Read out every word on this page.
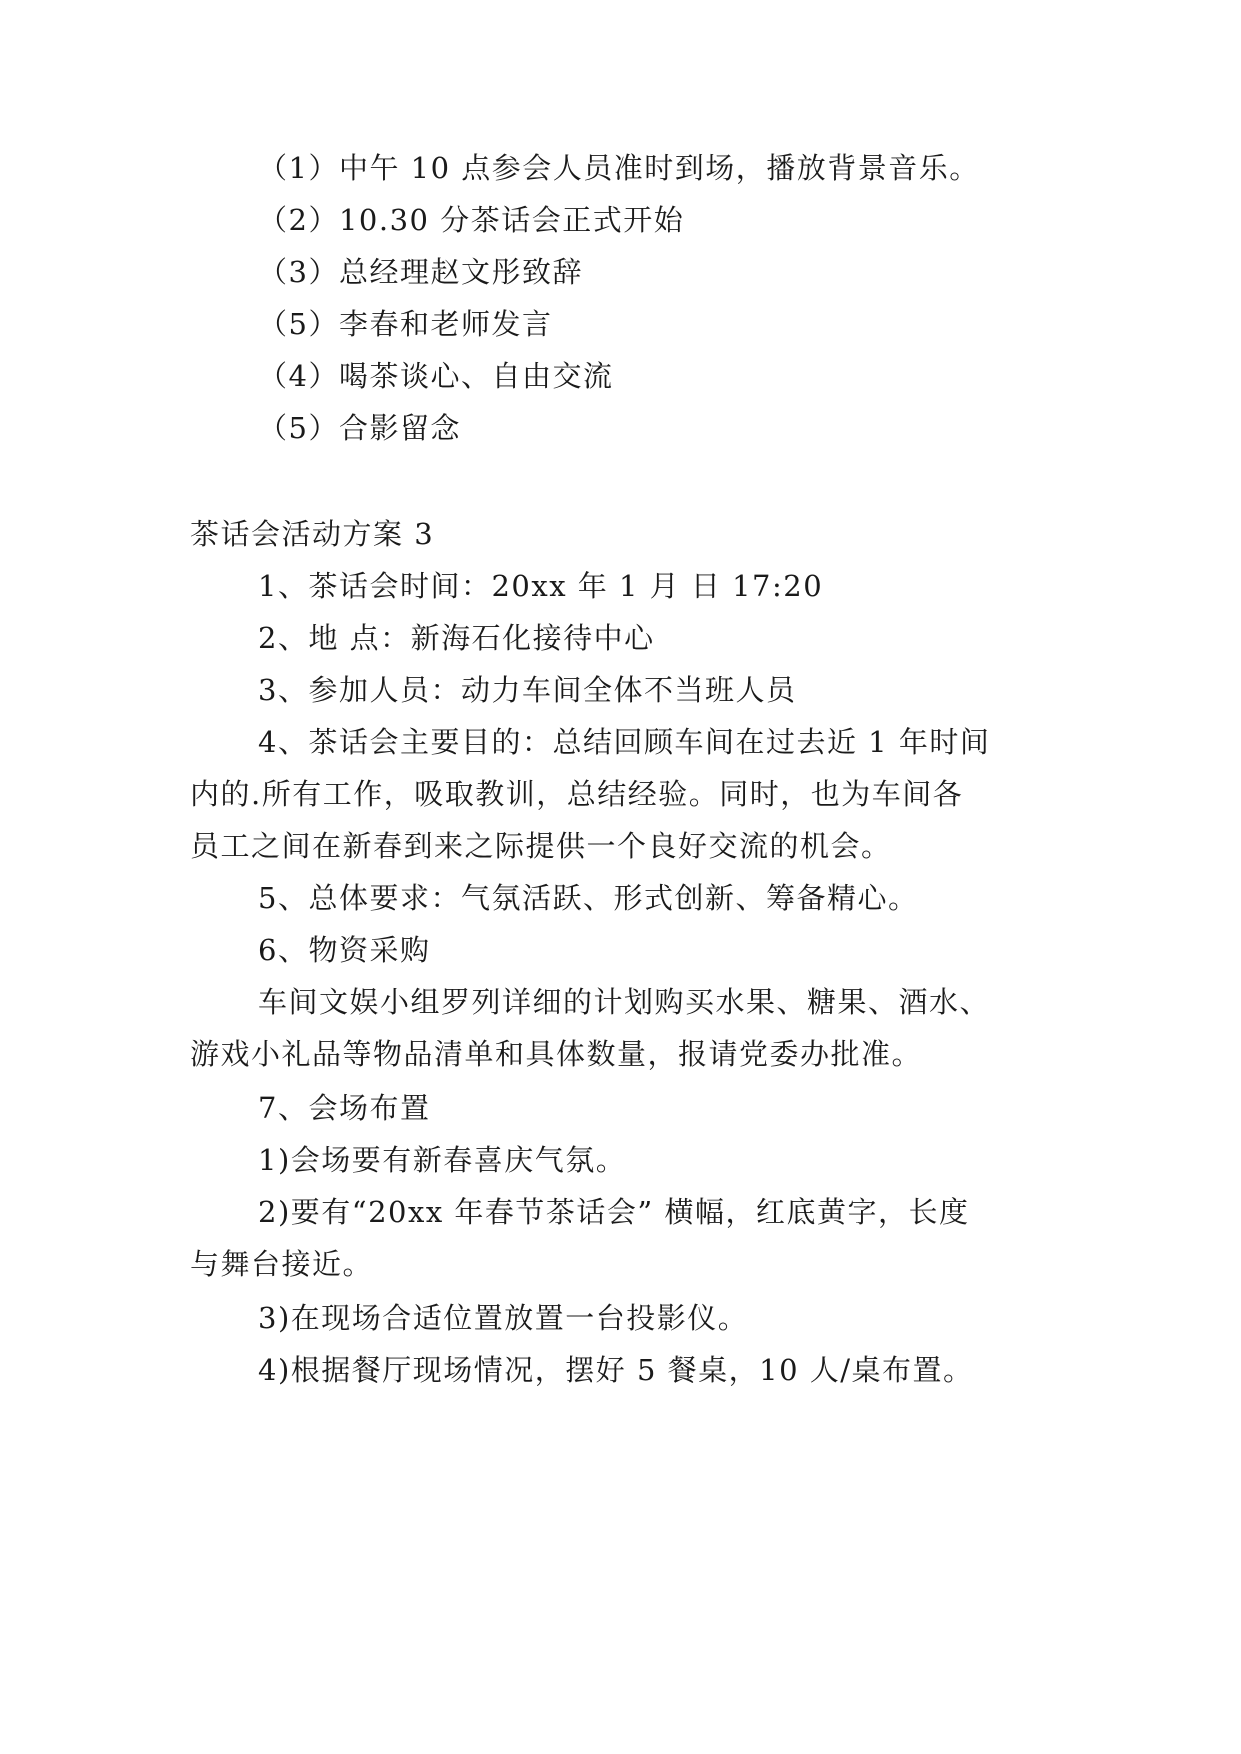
（1）中午 10 点参会人员准时到场，播放背景音乐。
（2）10.30 分茶话会正式开始
（3）总经理赵文彤致辞
（5）李春和老师发言
（4）喝茶谈心、自由交流
（5）合影留念
茶话会活动方案 3
1、茶话会时间：20xx 年 1 月 日 17:20
2、地 点：新海石化接待中心
3、参加人员：动力车间全体不当班人员
4、茶话会主要目的：总结回顾车间在过去近 1 年时间
内的.所有工作，吸取教训，总结经验。同时，也为车间各
员工之间在新春到来之际提供一个良好交流的机会。
5、总体要求：气氛活跃、形式创新、筹备精心。
6、物资采购
车间文娱小组罗列详细的计划购买水果、糖果、酒水、
游戏小礼品等物品清单和具体数量，报请党委办批准。
7、会场布置
1)会场要有新春喜庆气氛。
2)要有“20xx 年春节茶话会” 横幅，红底黄字，长度
与舞台接近。
3)在现场合适位置放置一台投影仪。
4)根据餐厅现场情况，摆好 5 餐桌，10 人/桌布置。
